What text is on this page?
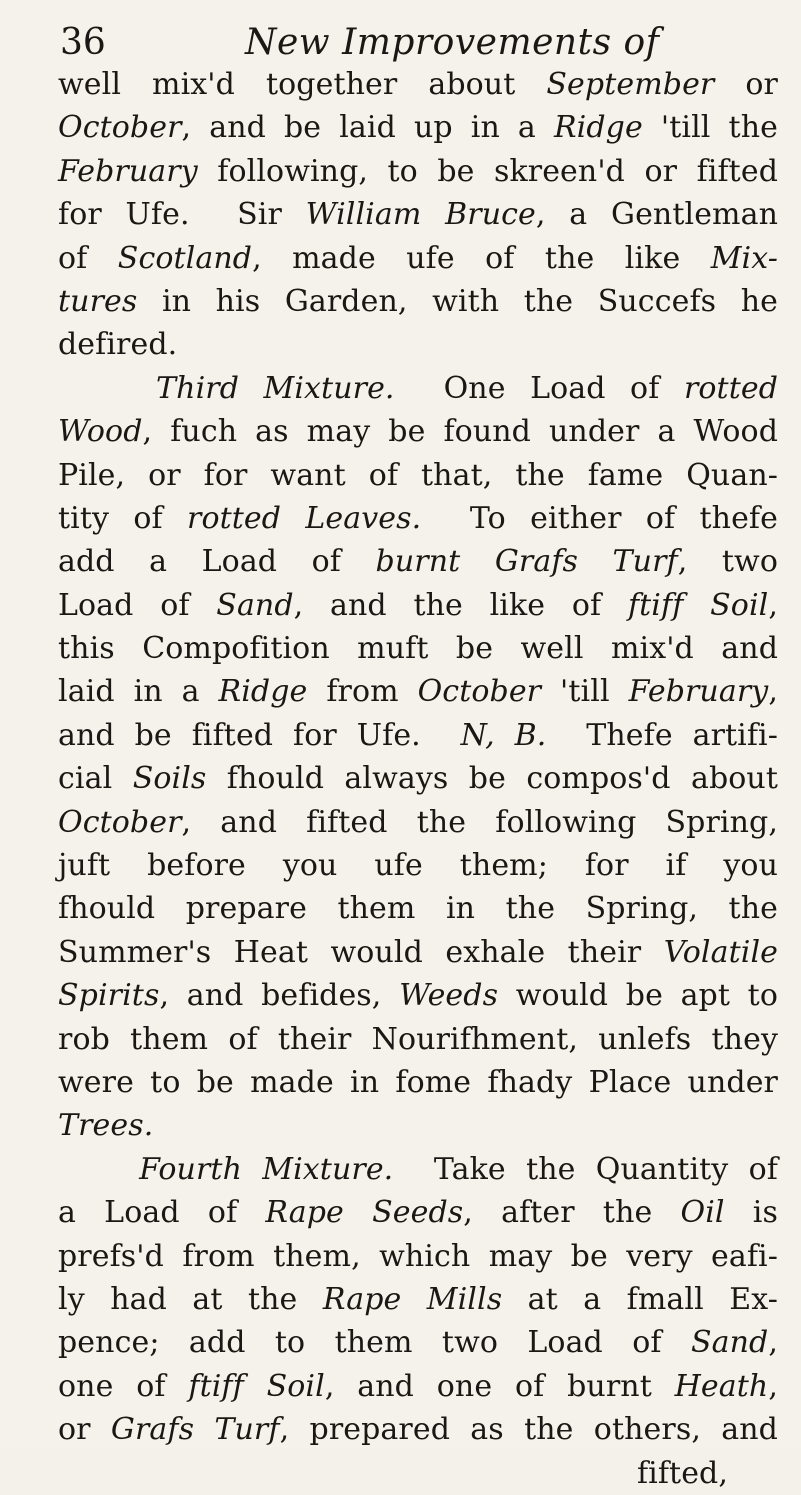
36	New Improvements of
well mix'd together about September or
October, and be laid up in a Ridge 'till the
February following, to be skreen'd or fifted
for Ufe.  Sir William Bruce, a Gentleman
of Scotland, made ufe of the like Mix-
tures in his Garden, with the Succefs he
defired.
Third Mixture.  One Load of rotted
Wood, fuch as may be found under a Wood
Pile, or for want of that, the fame Quan-
tity of rotted Leaves.  To either of thefe
add a Load of burnt Grafs Turf, two
Load of Sand, and the like of ftiff Soil,
this Compofition muft be well mix'd and
laid in a Ridge from October 'till February,
and be fifted for Ufe.  N, B.  Thefe artifi-
cial Soils fhould always be compos'd about
October, and fifted the following Spring,
juft before you ufe them; for if you
fhould prepare them in the Spring, the
Summer's Heat would exhale their Volatile
Spirits, and befides, Weeds would be apt to
rob them of their Nourifhment, unlefs they
were to be made in fome fhady Place under
Trees.
Fourth Mixture.  Take the Quantity of
a Load of Rape Seeds, after the Oil is
prefs'd from them, which may be very eafi-
ly had at the Rape Mills at a fmall Ex-
pence; add to them two Load of Sand,
one of ftiff Soil, and one of burnt Heath,
or Grafs Turf, prepared as the others, and
fifted,
